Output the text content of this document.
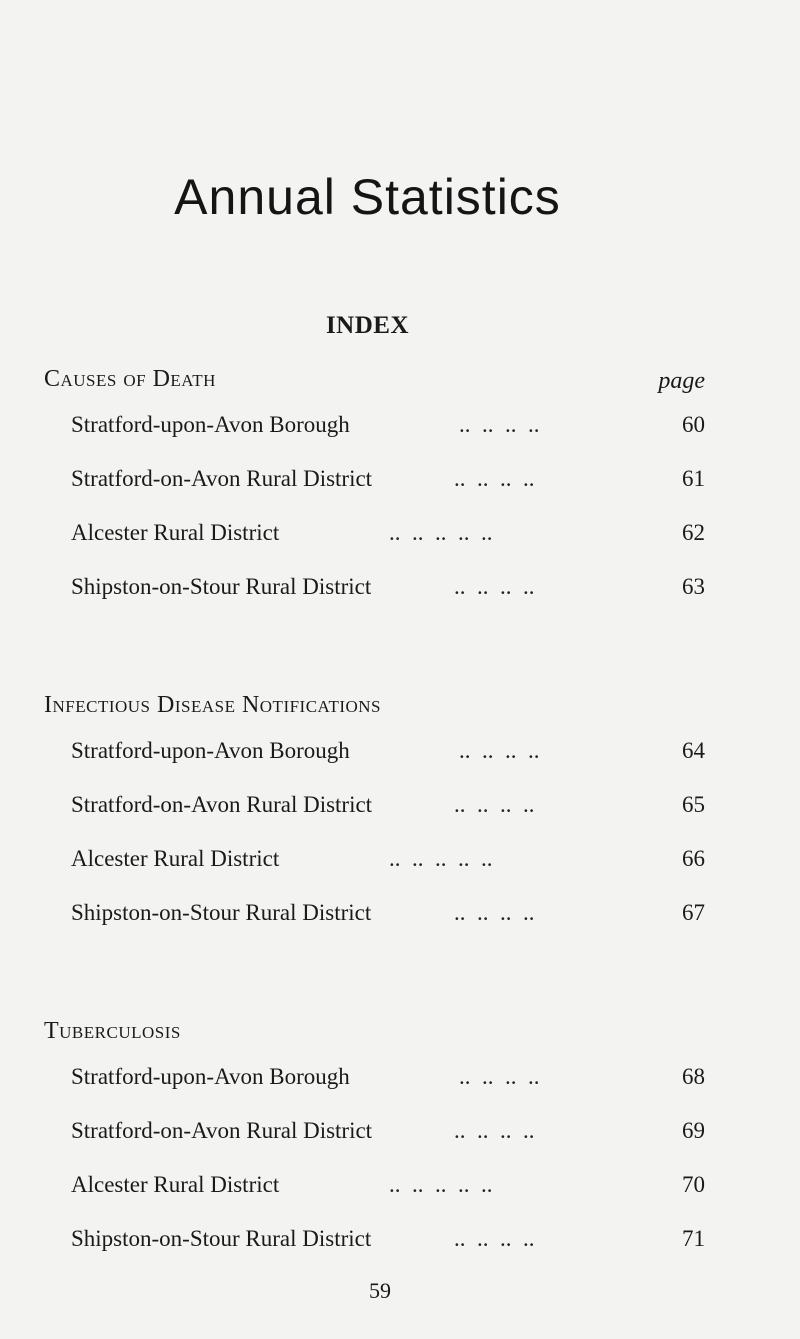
Annual Statistics
INDEX
page
Causes of Death
Stratford-upon-Avon Borough	..  ..  ..  ..	60
Stratford-on-Avon Rural District	..  ..  ..  ..	61
Alcester Rural District	..  ..  ..  ..  ..	62
Shipston-on-Stour Rural District	..  ..  ..  ..	63
Infectious Disease Notifications
Stratford-upon-Avon Borough	..  ..  ..  ..	64
Stratford-on-Avon Rural District	..  ..  ..  ..	65
Alcester Rural District	..  ..  ..  ..  ..	66
Shipston-on-Stour Rural District	..  ..  ..  ..	67
Tuberculosis
Stratford-upon-Avon Borough	..  ..  ..  ..	68
Stratford-on-Avon Rural District	..  ..  ..  ..	69
Alcester Rural District	..  ..  ..  ..  ..	70
Shipston-on-Stour Rural District	..  ..  ..  ..	71
59
